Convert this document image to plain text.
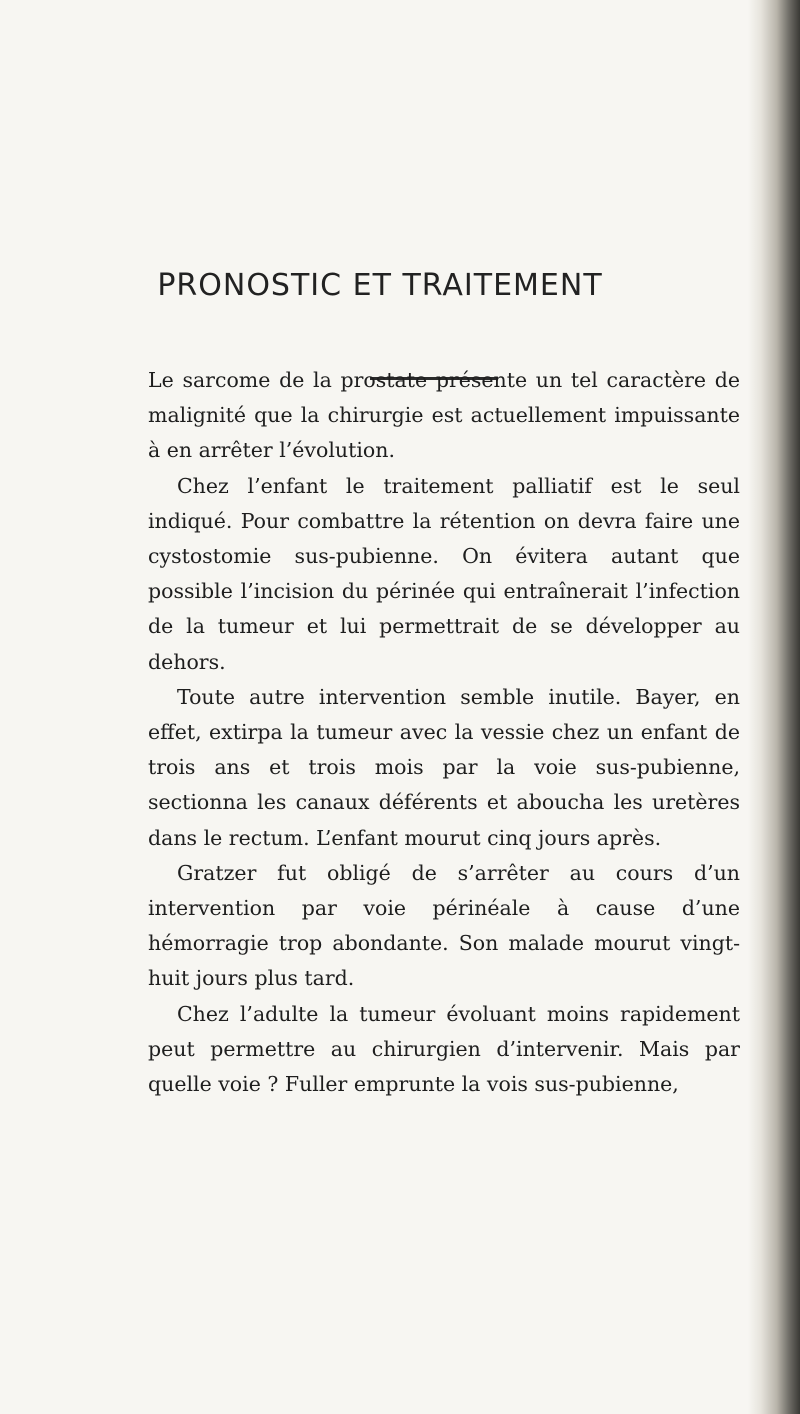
PRONOSTIC ET TRAITEMENT

Le sarcome de la prostate présente un tel caractère de malignité que la chirurgie est actuellement impuissante à en arrêter l’évolution.

Chez l’enfant le traitement palliatif est le seul indiqué. Pour combattre la rétention on devra faire une cystostomie sus-pubienne. On évitera autant que possible l’incision du périnée qui entraînerait l’infection de la tumeur et lui permettrait de se développer au dehors.

Toute autre intervention semble inutile. Bayer, en effet, extirpa la tumeur avec la vessie chez un enfant de trois ans et trois mois par la voie sus-pubienne, sectionna les canaux déférents et aboucha les uretères dans le rectum. L’enfant mourut cinq jours après.

Gratzer fut obligé de s’arrêter au cours d’un intervention par voie périnéale à cause d’une hémorragie trop abondante. Son malade mourut vingt-huit jours plus tard.

Chez l’adulte la tumeur évoluant moins rapidement peut permettre au chirurgien d’intervenir. Mais par quelle voie ? Fuller emprunte la vois sus-pubienne,
